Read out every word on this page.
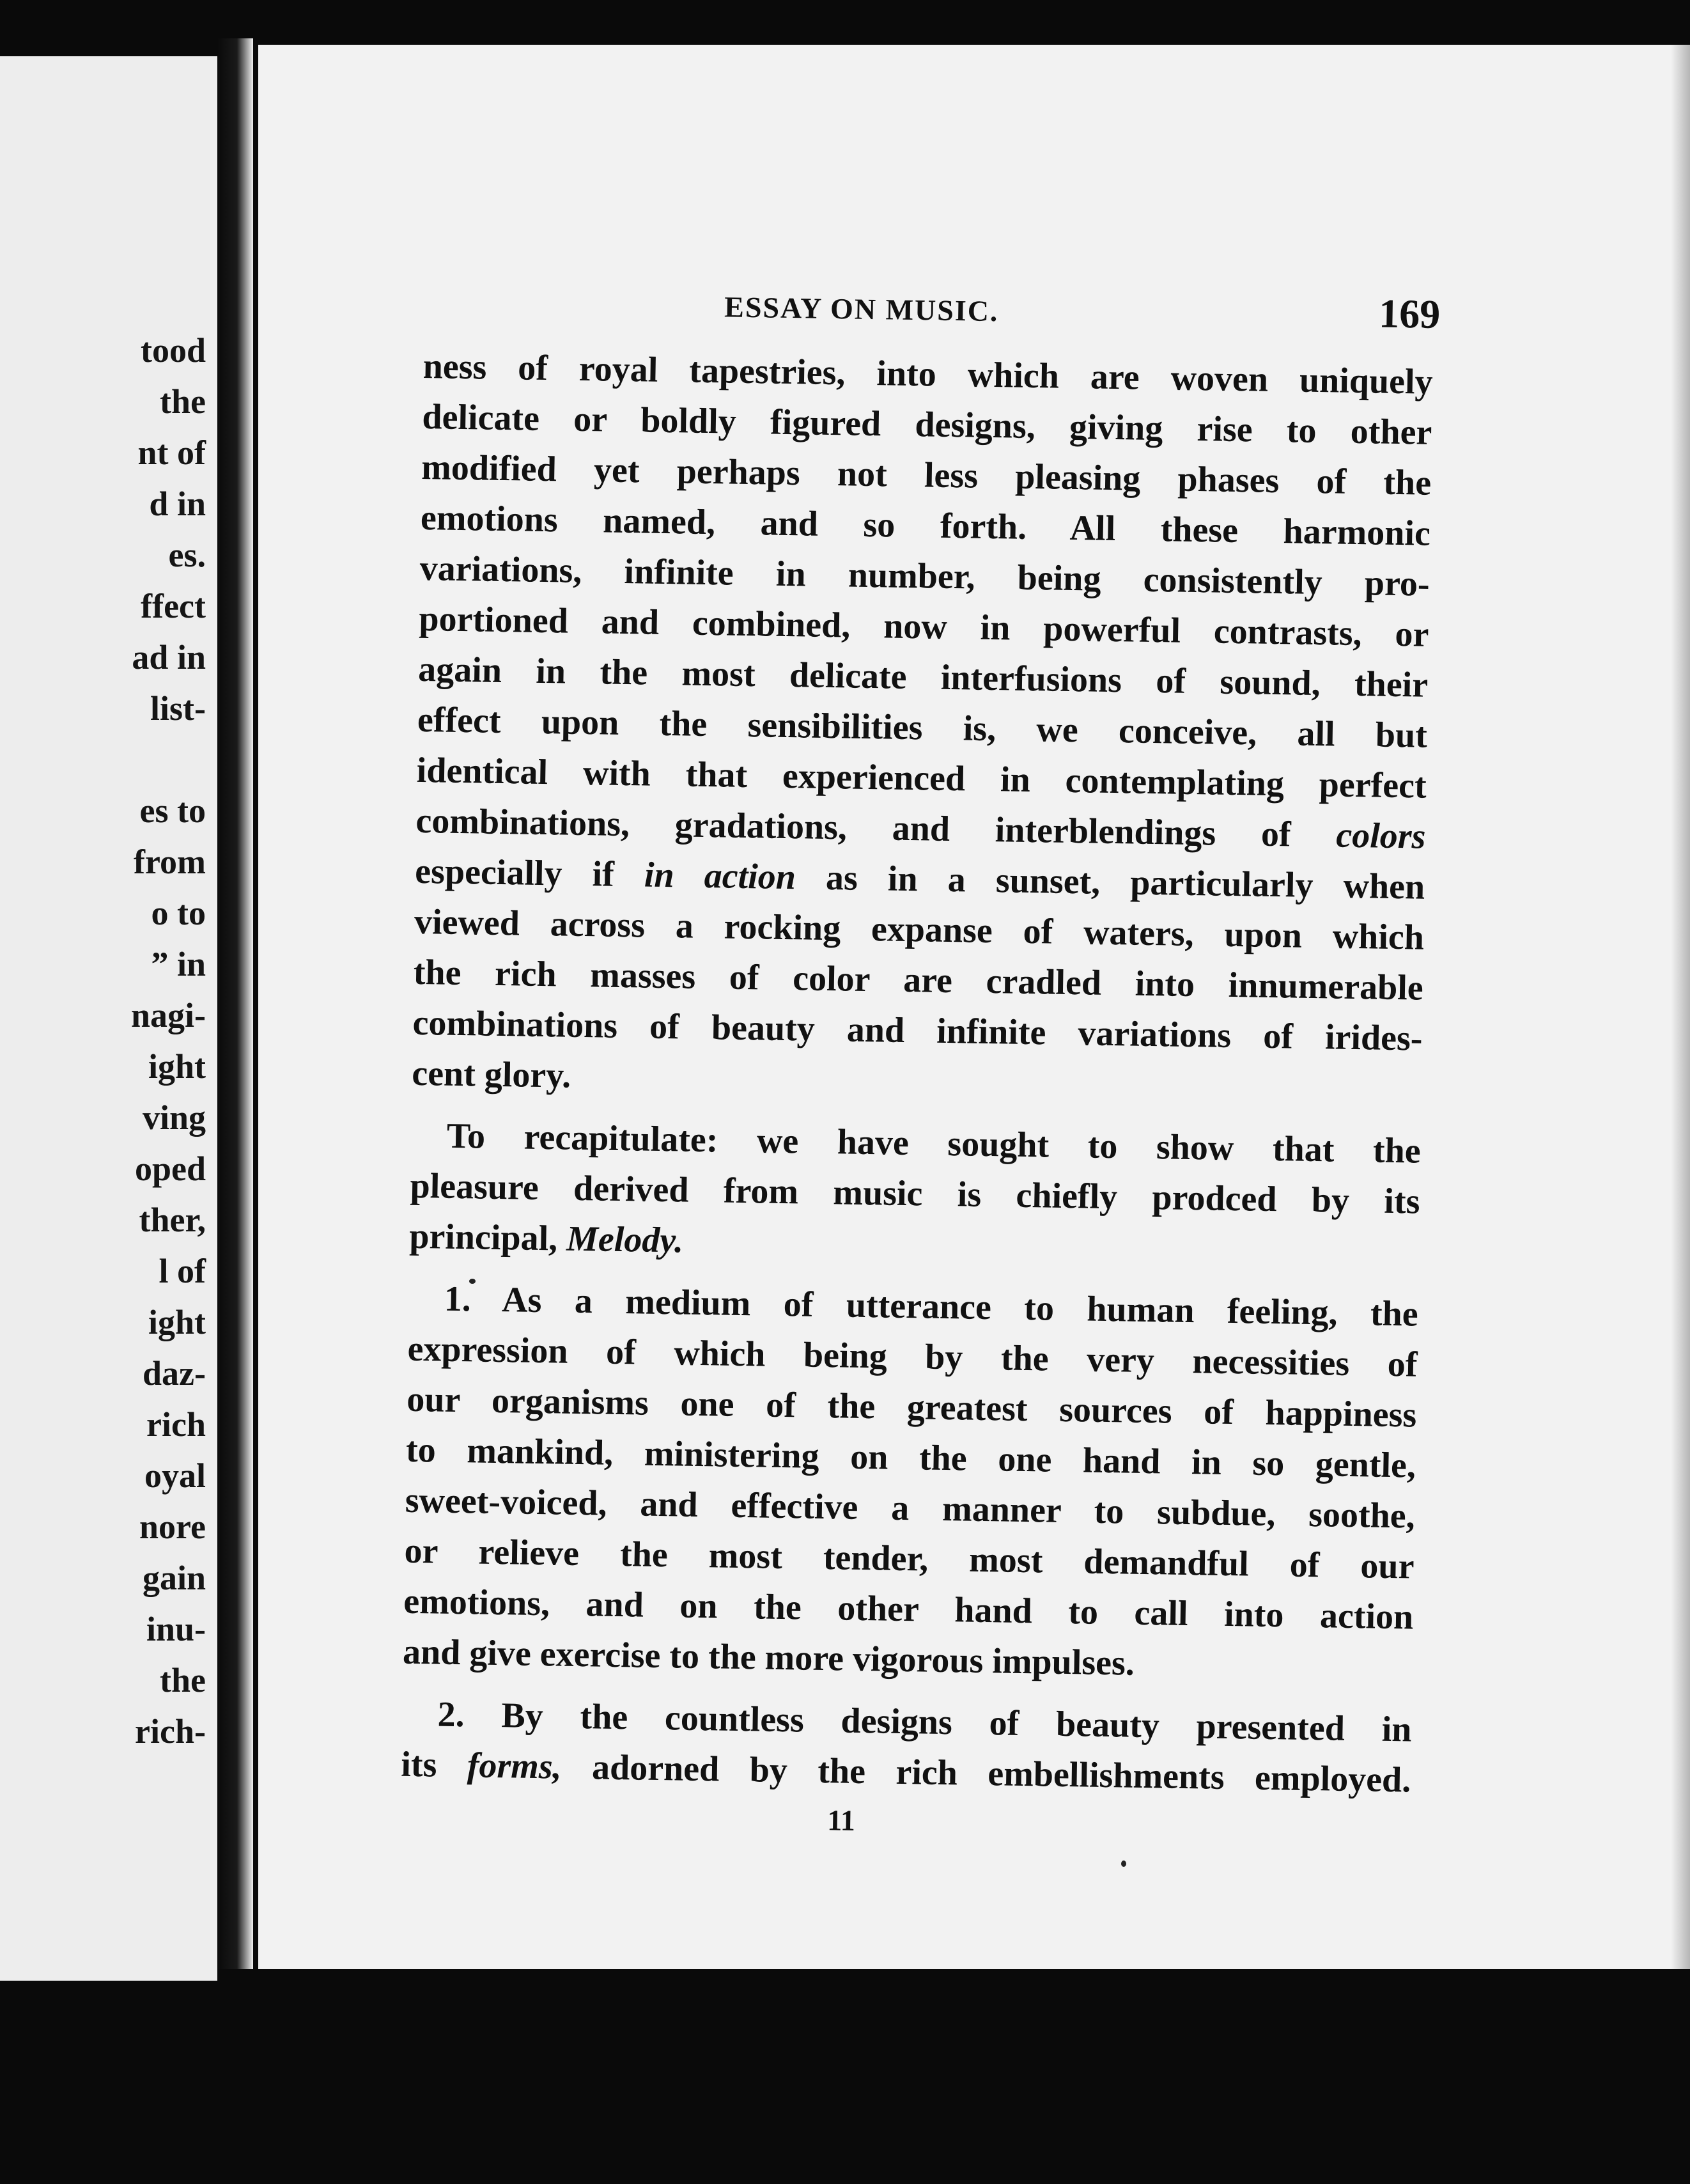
tood
the
nt of
d in
es.
ffect
ad in
list-

es to
from
o to
” in
nagi-
ight
ving
oped
ther,
l of
ight
daz-
rich
oyal
nore
gain
inu-
the
rich-
ESSAY ON MUSIC.	169

ness of royal tapestries, into which are woven uniquely
delicate or boldly figured designs, giving rise to other
modified yet perhaps not less pleasing phases of the
emotions named, and so forth. All these harmonic
variations, infinite in number, being consistently pro-
portioned and combined, now in powerful contrasts, or
again in the most delicate interfusions of sound, their
effect upon the sensibilities is, we conceive, all but
identical with that experienced in contemplating perfect
combinations, gradations, and interblendings of colors
especially if in action as in a sunset, particularly when
viewed across a rocking expanse of waters, upon which
the rich masses of color are cradled into innumerable
combinations of beauty and infinite variations of irides-
cent glory.

To recapitulate: we have sought to show that the
pleasure derived from music is chiefly prodced by its
principal, Melody.

1. As a medium of utterance to human feeling, the
expression of which being by the very necessities of
our organisms one of the greatest sources of happiness
to mankind, ministering on the one hand in so gentle,
sweet-voiced, and effective a manner to subdue, soothe,
or relieve the most tender, most demandful of our
emotions, and on the other hand to call into action
and give exercise to the more vigorous impulses.

2. By the countless designs of beauty presented in
its forms, adorned by the rich embellishments employed.

11
